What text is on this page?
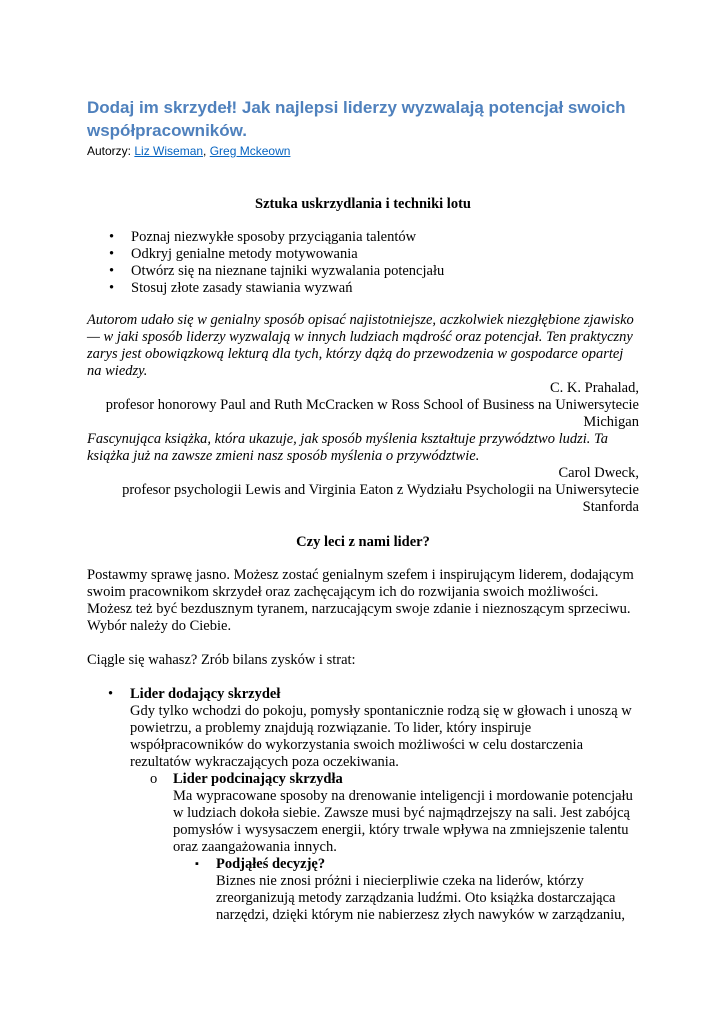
Dodaj im skrzydeł! Jak najlepsi liderzy wyzwalają potencjał swoich współpracowników.
Autorzy: Liz Wiseman, Greg Mckeown
Sztuka uskrzydlania i techniki lotu
• Poznaj niezwykłe sposoby przyciągania talentów
• Odkryj genialne metody motywowania
• Otwórz się na nieznane tajniki wyzwalania potencjału
• Stosuj złote zasady stawiania wyzwań

Autorom udało się w genialny sposób opisać najistotniejsze, aczkolwiek niezgłębione zjawisko — w jaki sposób liderzy wyzwalają w innych ludziach mądrość oraz potencjał. Ten praktyczny zarys jest obowiązkową lekturą dla tych, którzy dążą do przewodzenia w gospodarce opartej na wiedzy.

C. K. Prahalad,

profesor honorowy Paul and Ruth McCracken w Ross School of Business na Uniwersytecie Michigan

Fascynująca książka, która ukazuje, jak sposób myślenia kształtuje przywództwo ludzi. Ta książka już na zawsze zmieni nasz sposób myślenia o przywództwie.

Carol Dweck,

profesor psychologii Lewis and Virginia Eaton z Wydziału Psychologii na Uniwersytecie Stanforda

Czy leci z nami lider?

Postawmy sprawę jasno. Możesz zostać genialnym szefem i inspirującym liderem, dodającym swoim pracownikom skrzydeł oraz zachęcającym ich do rozwijania swoich możliwości. Możesz też być bezdusznym tyranem, narzucającym swoje zdanie i nieznoszącym sprzeciwu. Wybór należy do Ciebie.

Ciągle się wahasz? Zrób bilans zysków i strat:

• Lider dodający skrzydeł
Gdy tylko wchodzi do pokoju, pomysły spontanicznie rodzą się w głowach i unoszą w powietrzu, a problemy znajdują rozwiązanie. To lider, który inspiruje współpracowników do wykorzystania swoich możliwości w celu dostarczenia rezultatów wykraczających poza oczekiwania.
o Lider podcinający skrzydła
Ma wypracowane sposoby na drenowanie inteligencji i mordowanie potencjału w ludziach dokoła siebie. Zawsze musi być najmądrzejszy na sali. Jest zabójcą pomysłów i wysysaczem energii, który trwale wpływa na zmniejszenie talentu oraz zaangażowania innych.
▪ Podjąłeś decyzję?
Biznes nie znosi próżni i niecierpliwie czeka na liderów, którzy zreorganizują metody zarządzania ludźmi. Oto książka dostarczająca narzędzi, dzięki którym nie nabierzesz złych nawyków w zarządzaniu,
